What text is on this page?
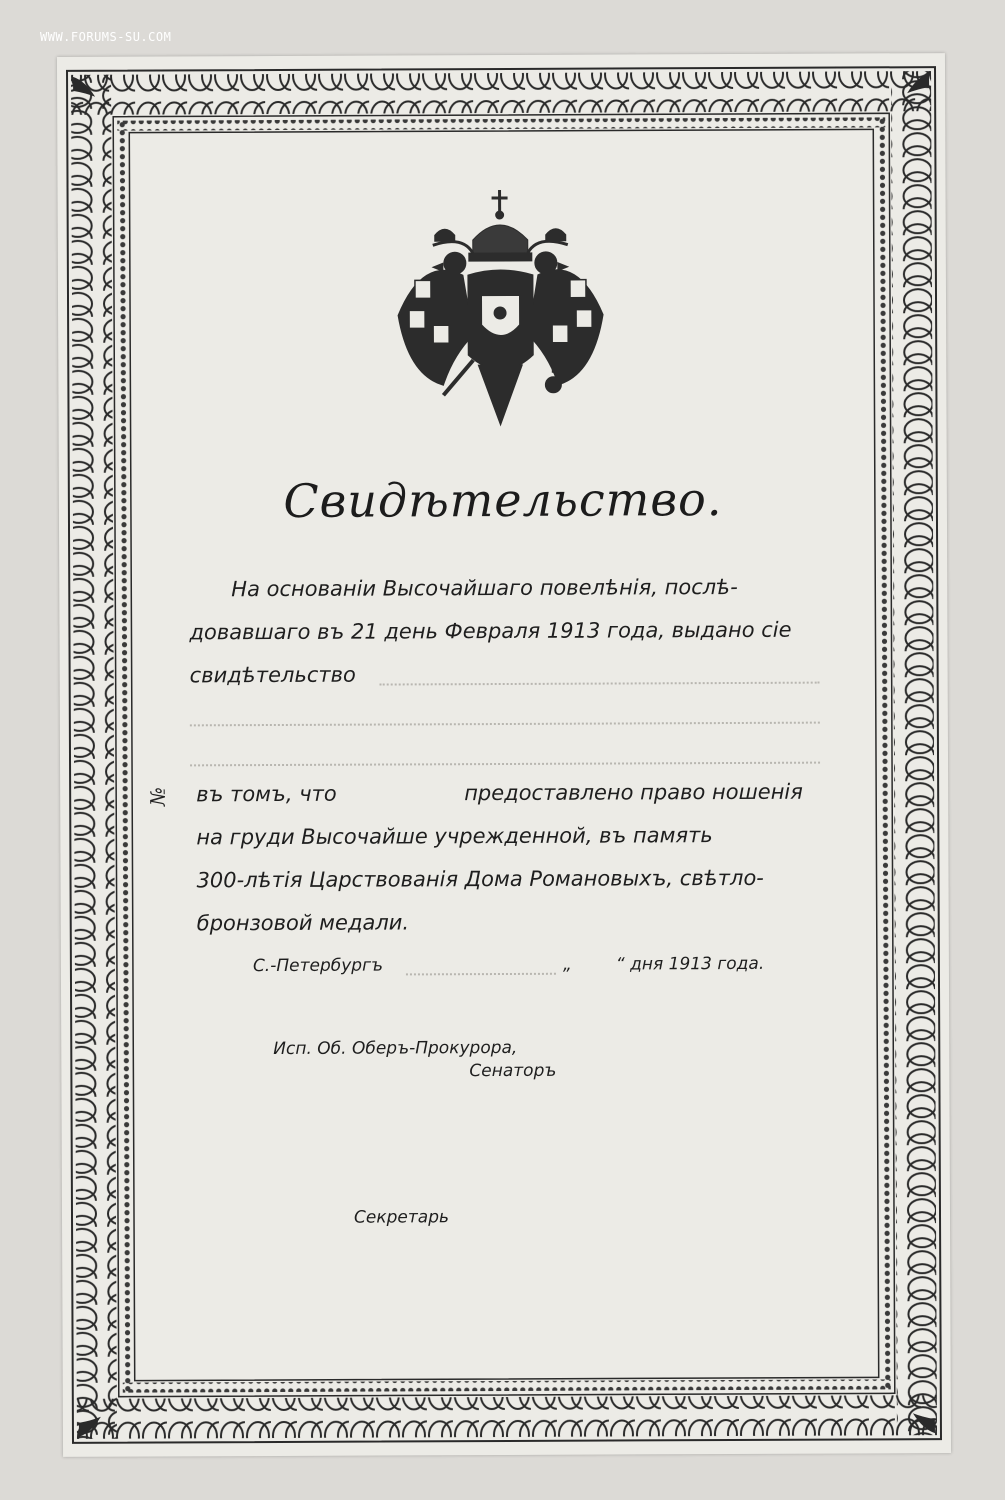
WWW.FORUMS-SU.COM
Свидѣтельство.
На основаніи Высочайшаго повелѣнія, послѣ-
довавшаго въ 21 день Февраля 1913 года, выдано сіе
свидѣтельство
№ въ томъ, что	предоставлено право ношенія
на груди Высочайше учрежденной, въ память
300-лѣтія Царствованія Дома Романовыхъ, свѣтло-
бронзовой медали.
С.-Петербургъ	„	“ дня 1913 года.
Исп. Об. Оберъ-Прокурора,
Сенаторъ
Секретарь
